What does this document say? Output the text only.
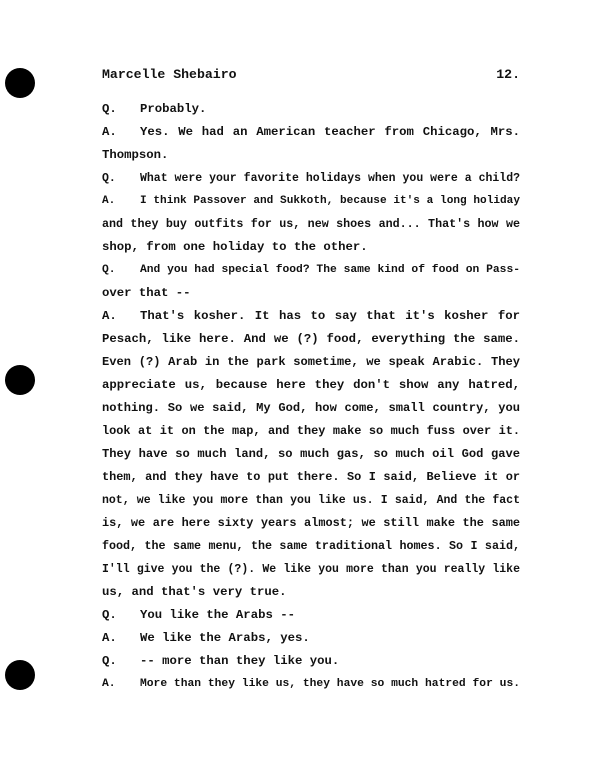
Marcelle Shebairo	12.
Q. Probably.
A. Yes. We had an American teacher from Chicago, Mrs.
Thompson.
Q. What were your favorite holidays when you were a child?
A. I think Passover and Sukkoth, because it's a long holiday
and they buy outfits for us, new shoes and... That's how we
shop, from one holiday to the other.
Q. And you had special food? The same kind of food on Pass-
over that --
A. That's kosher. It has to say that it's kosher for
Pesach, like here. And we (?) food, everything the same.
Even (?) Arab in the park sometime, we speak Arabic. They
appreciate us, because here they don't show any hatred,
nothing. So we said, My God, how come, small country, you
look at it on the map, and they make so much fuss over it.
They have so much land, so much gas, so much oil God gave
them, and they have to put there. So I said, Believe it or
not, we like you more than you like us. I said, And the fact
is, we are here sixty years almost; we still make the same
food, the same menu, the same traditional homes. So I said,
I'll give you the (?). We like you more than you really like
us, and that's very true.
Q. You like the Arabs --
A. We like the Arabs, yes.
Q. -- more than they like you.
A. More than they like us, they have so much hatred for us.
